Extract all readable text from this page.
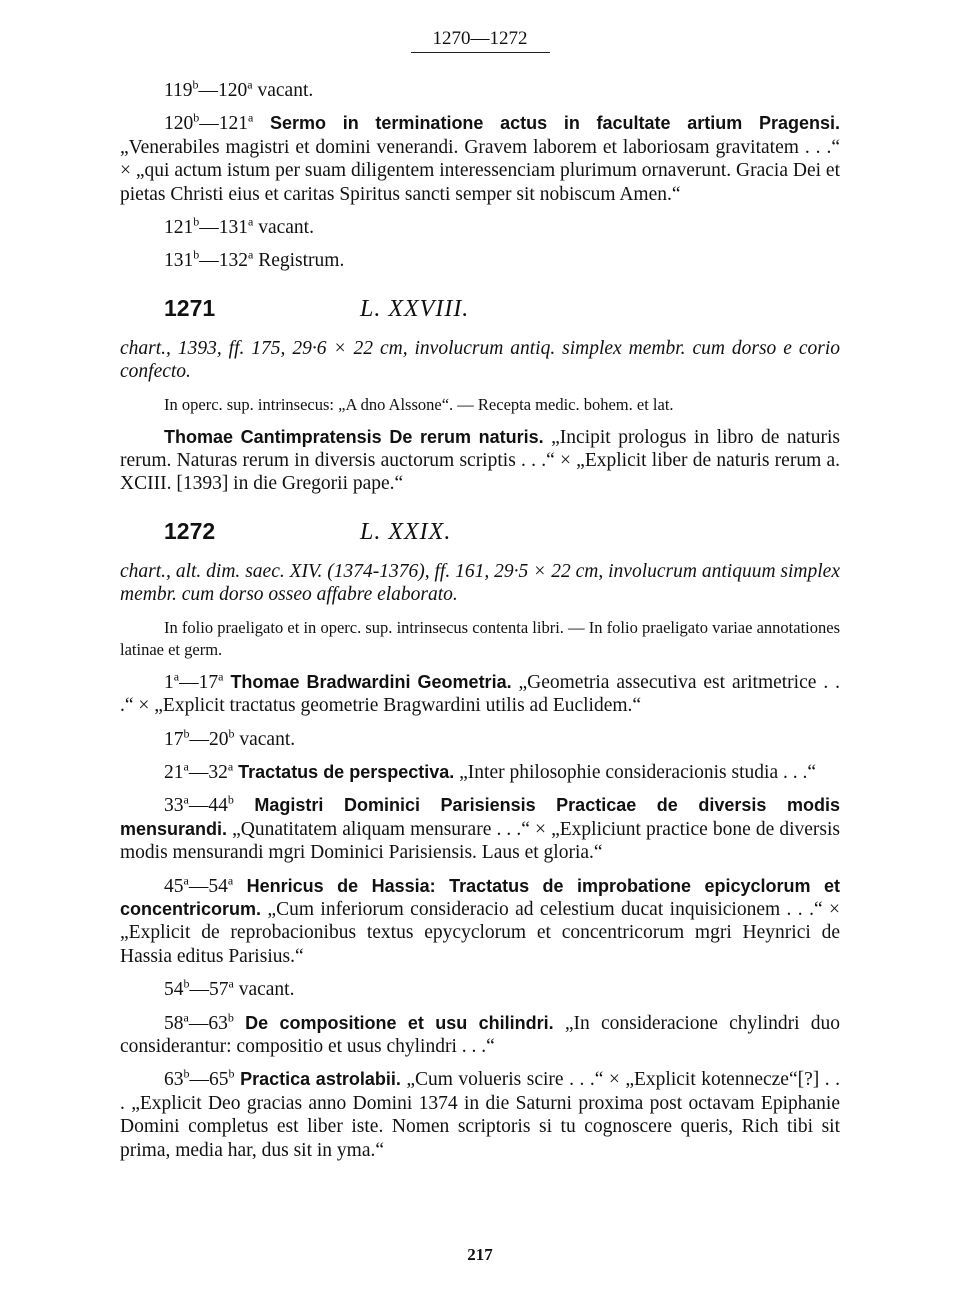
1270—1272

119$^b$—120$^a$ vacant.

120$^b$—121$^a$ Sermo in terminatione actus in facultate artium Pragensi. „Venerabiles magistri et domini venerandi. Gravem laborem et laboriosam gravitatem . . .“ × „qui actum istum per suam diligentem interessenciam plurimum ornaverunt. Gracia Dei et pietas Christi eius et caritas Spiritus sancti semper sit nobiscum Amen.“

121$^b$—131$^a$ vacant.

131$^b$—132$^a$ Registrum.

1271	L. XXVIII.

chart., 1393, ff. 175, 29·6 × 22 cm, involucrum antiq. simplex membr. cum dorso e corio confecto.

In operc. sup. intrinsecus: „A dno Alssone“. — Recepta medic. bohem. et lat.

Thomae Cantimpratensis De rerum naturis. „Incipit prologus in libro de naturis rerum. Naturas rerum in diversis auctorum scriptis . . .“ × „Explicit liber de naturis rerum a. XCIII. [1393] in die Gregorii pape.“

1272	L. XXIX.

chart., alt. dim. saec. XIV. (1374-1376), ff. 161, 29·5 × 22 cm, involucrum antiquum simplex membr. cum dorso osseo affabre elaborato.

In folio praeligato et in operc. sup. intrinsecus contenta libri. — In folio praeligato variae annotationes latinae et germ.

1$^a$—17$^a$ Thomae Bradwardini Geometria. „Geometria assecutiva est aritmetrice . . .“ × „Explicit tractatus geometrie Bragwardini utilis ad Euclidem.“

17$^b$—20$^b$ vacant.

21$^a$—32$^a$ Tractatus de perspectiva. „Inter philosophie consideracionis studia . . .“

33$^a$—44$^b$ Magistri Dominici Parisiensis Practicae de diversis modis mensurandi. „Qunatitatem aliquam mensurare . . .“ × „Expliciunt practice bone de diversis modis mensurandi mgri Dominici Parisiensis. Laus et gloria.“

45$^a$—54$^a$ Henricus de Hassia: Tractatus de improbatione epicyclorum et concentricorum. „Cum inferiorum consideracio ad celestium ducat inquisicionem . . .“ × „Explicit de reprobacionibus textus epycyclorum et concentricorum mgri Heynrici de Hassia editus Parisius.“

54$^b$—57$^a$ vacant.

58$^a$—63$^b$ De compositione et usu chilindri. „In consideracione chylindri duo considerantur: compositio et usus chylindri . . .“

63$^b$—65$^b$ Practica astrolabii. „Cum volueris scire . . .“ × „Explicit kotennecze“[?] . . . „Explicit Deo gracias anno Domini 1374 in die Saturni proxima post octavam Epiphanie Domini completus est liber iste. Nomen scriptoris si tu cognoscere queris, Rich tibi sit prima, media har, dus sit in yma.“

217
